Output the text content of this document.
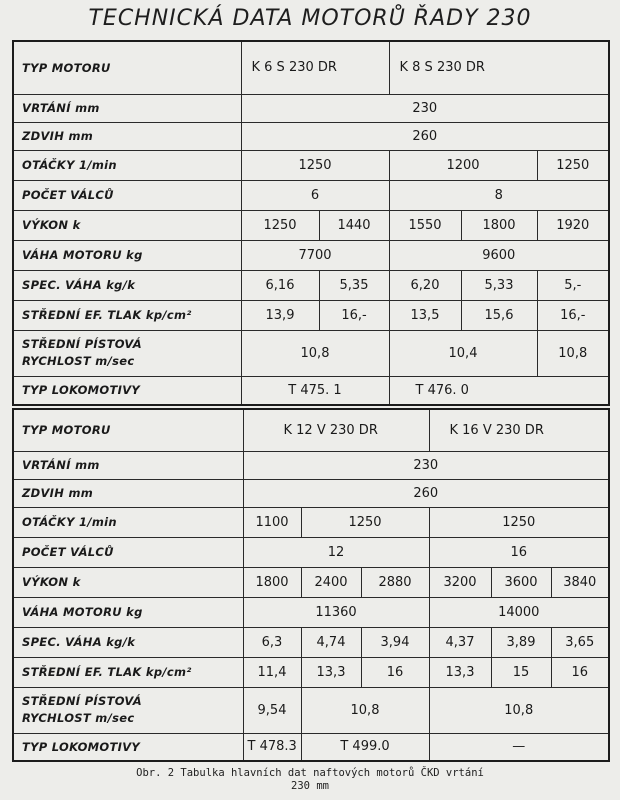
TECHNICKÁ DATA MOTORŮ ŘADY 230
TYP MOTORU	K 6 S 230 DR		K 8 S 230 DR		
VRTÁNÍ mm	230				
ZDVIH mm	260				
OTÁČKY 1/min	1250		1200		1250
POČET VÁLCŮ	6		8		
VÝKON k	1250	1440	1550	1800	1920
VÁHA MOTORU kg	7700		9600		
SPEC. VÁHA kg/k	6,16	5,35	6,20	5,33	5,-
STŘEDNÍ EF. TLAK kp/cm²	13,9	16,-	13,5	15,6	16,-

STŘEDNÍ PÍSTOVÁ
RYCHLOST m/sec	10,8		10,4		10,8
TYP LOKOMOTIVY	T 475. 1		T 476. 0		
TYP MOTORU	K 12 V 230 DR			K 16 V 230 DR		
VRTÁNÍ mm	230					
ZDVIH mm	260					
OTÁČKY 1/min	1100	1250		1250		
POČET VÁLCŮ	12			16		
VÝKON k	1800	2400	2880	3200	3600	3840
VÁHA MOTORU kg	11360			14000		
SPEC. VÁHA kg/k	6,3	4,74	3,94	4,37	3,89	3,65
STŘEDNÍ EF. TLAK kp/cm²	11,4	13,3	16	13,3	15	16

STŘEDNÍ PÍSTOVÁ
RYCHLOST m/sec	9,54	10,8		10,8		
TYP LOKOMOTIVY	T 478.3	T 499.0		—		
Obr. 2 Tabulka hlavních dat naftových motorů ČKD vrtání
230 mm
